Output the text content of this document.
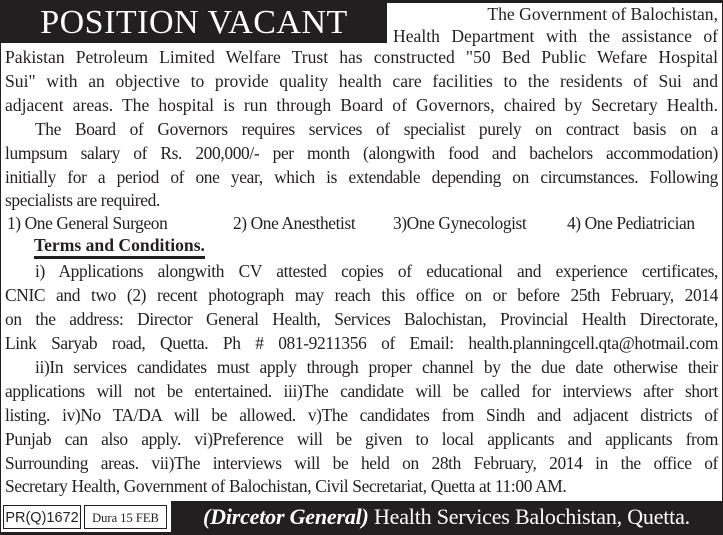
POSITION VACANT	The Government of Balochistan,
Health Department with the assistance of
Pakistan Petroleum Limited Welfare Trust has constructed "50 Bed Public Wefare Hospital
Sui" with an objective to provide quality health care facilities to the residents of Sui and
adjacent areas. The hospital is run through Board of Governors, chaired by Secretary Health.
The Board of Governors requires services of specialist purely on contract basis on a
lumpsum salary of Rs. 200,000/- per month (alongwith food and bachelors accommodation)
initially for a period of one year, which is extendable depending on circumstances. Following
specialists are required.
1) One General Surgeon	2) One Anesthetist 3)One Gynecologist 4) One Pediatrician
Terms and Conditions.
i) Applications alongwith CV attested copies of educational and experience certificates,
CNIC and two (2) recent photograph may reach this office on or before 25th February, 2014
on the address: Director General Health, Services Balochistan, Provincial Health Directorate,
Link Saryab road, Quetta. Ph # 081-9211356 of Email: health.planningcell.qta@hotmail.com
ii)In services candidates must apply through proper channel by the due date otherwise their
applications will not be entertained. iii)The candidate will be called for interviews after short
listing. iv)No TA/DA will be allowed. v)The candidates from Sindh and adjacent districts of
Punjab can also apply. vi)Preference will be given to local applicants and applicants from
Surrounding areas. vii)The interviews will be held on 28th February, 2014 in the office of
Secretary Health, Government of Balochistan, Civil Secretariat, Quetta at 11:00 AM.
PR(Q)1672	Dura 15 FEB	(Dircetor General) Health Services Balochistan, Quetta.
